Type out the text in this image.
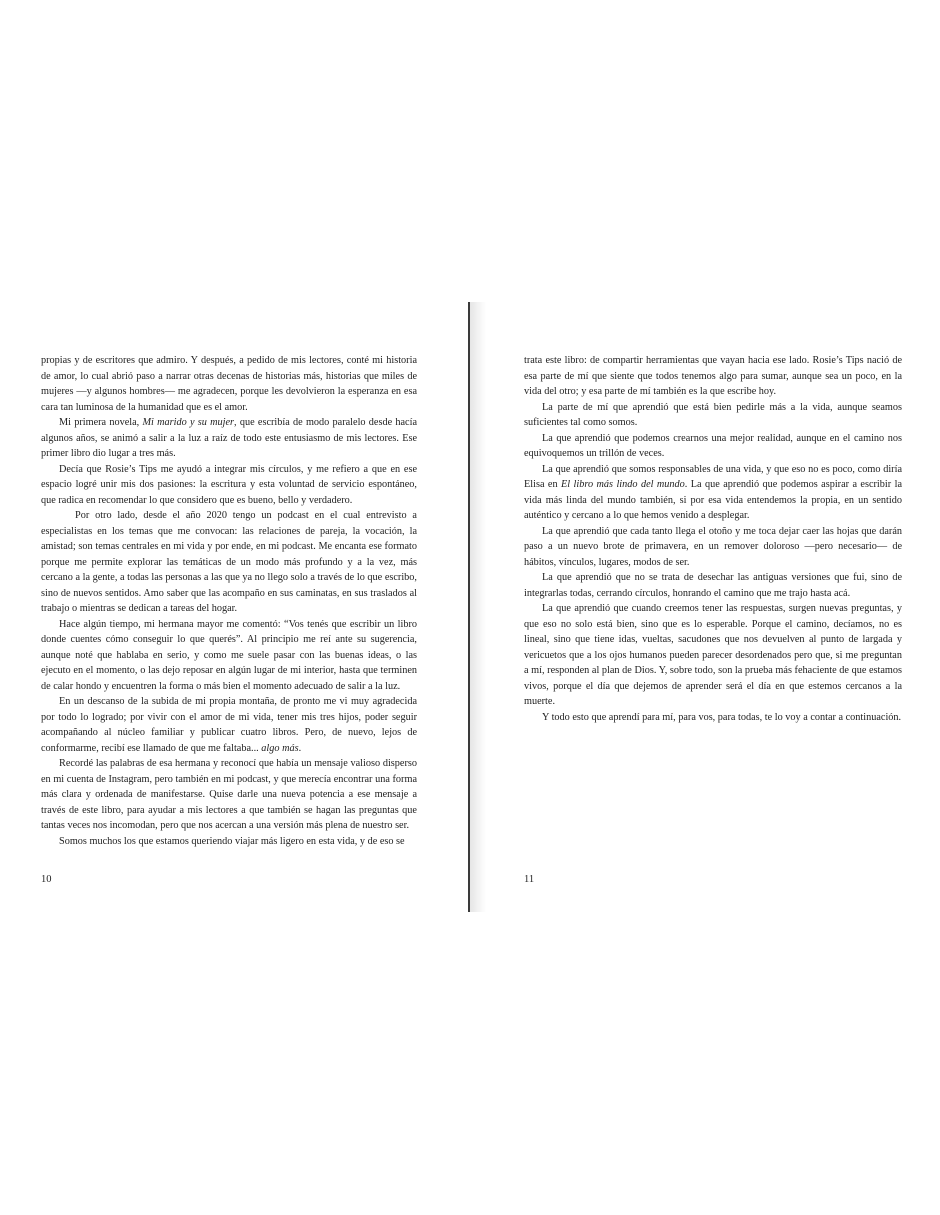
propias y de escritores que admiro. Y después, a pedido de mis lectores, conté mi historia de amor, lo cual abrió paso a narrar otras decenas de historias más, historias que miles de mujeres —y algunos hombres— me agradecen, porque les devolvieron la esperanza en esa cara tan luminosa de la humanidad que es el amor.

Mi primera novela, Mi marido y su mujer, que escribía de modo paralelo desde hacía algunos años, se animó a salir a la luz a raíz de todo este entusiasmo de mis lectores. Ese primer libro dio lugar a tres más.

Decía que Rosie’s Tips me ayudó a integrar mis círculos, y me refiero a que en ese espacio logré unir mis dos pasiones: la escritura y esta voluntad de servicio espontáneo, que radica en recomendar lo que considero que es bueno, bello y verdadero.

Por otro lado, desde el año 2020 tengo un podcast en el cual entrevisto a especialistas en los temas que me convocan: las relaciones de pareja, la vocación, la amistad; son temas centrales en mi vida y por ende, en mi podcast. Me encanta ese formato porque me permite explorar las temáticas de un modo más profundo y a la vez, más cercano a la gente, a todas las personas a las que ya no llego solo a través de lo que escribo, sino de nuevos sentidos. Amo saber que las acompaño en sus caminatas, en sus traslados al trabajo o mientras se dedican a tareas del hogar.

Hace algún tiempo, mi hermana mayor me comentó: “Vos tenés que escribir un libro donde cuentes cómo conseguir lo que querés”. Al principio me reí ante su sugerencia, aunque noté que hablaba en serio, y como me suele pasar con las buenas ideas, o las ejecuto en el momento, o las dejo reposar en algún lugar de mi interior, hasta que terminen de calar hondo y encuentren la forma o más bien el momento adecuado de salir a la luz.

En un descanso de la subida de mi propia montaña, de pronto me vi muy agradecida por todo lo logrado; por vivir con el amor de mi vida, tener mis tres hijos, poder seguir acompañando al núcleo familiar y publicar cuatro libros. Pero, de nuevo, lejos de conformarme, recibí ese llamado de que me faltaba... algo más.

Recordé las palabras de esa hermana y reconocí que había un mensaje valioso disperso en mi cuenta de Instagram, pero también en mi podcast, y que merecía encontrar una forma más clara y ordenada de manifestarse. Quise darle una nueva potencia a ese mensaje a través de este libro, para ayudar a mis lectores a que también se hagan las preguntas que tantas veces nos incomodan, pero que nos acercan a una versión más plena de nuestro ser.

Somos muchos los que estamos queriendo viajar más ligero en esta vida, y de eso se

10

trata este libro: de compartir herramientas que vayan hacia ese lado. Rosie’s Tips nació de esa parte de mí que siente que todos tenemos algo para sumar, aunque sea un poco, en la vida del otro; y esa parte de mí también es la que escribe hoy.

La parte de mí que aprendió que está bien pedirle más a la vida, aunque seamos suficientes tal como somos.

La que aprendió que podemos crearnos una mejor realidad, aunque en el camino nos equivoquemos un trillón de veces.

La que aprendió que somos responsables de una vida, y que eso no es poco, como diría Elisa en El libro más lindo del mundo. La que aprendió que podemos aspirar a escribir la vida más linda del mundo también, si por esa vida entendemos la propia, en un sentido auténtico y cercano a lo que hemos venido a desplegar.

La que aprendió que cada tanto llega el otoño y me toca dejar caer las hojas que darán paso a un nuevo brote de primavera, en un remover doloroso —pero necesario— de hábitos, vínculos, lugares, modos de ser.

La que aprendió que no se trata de desechar las antiguas versiones que fui, sino de integrarlas todas, cerrando círculos, honrando el camino que me trajo hasta acá.

La que aprendió que cuando creemos tener las respuestas, surgen nuevas preguntas, y que eso no solo está bien, sino que es lo esperable. Porque el camino, decíamos, no es lineal, sino que tiene idas, vueltas, sacudones que nos devuelven al punto de largada y vericuetos que a los ojos humanos pueden parecer desordenados pero que, si me preguntan a mí, responden al plan de Dios. Y, sobre todo, son la prueba más fehaciente de que estamos vivos, porque el día que dejemos de aprender será el día en que estemos cercanos a la muerte.

Y todo esto que aprendí para mí, para vos, para todas, te lo voy a contar a continuación.

11
